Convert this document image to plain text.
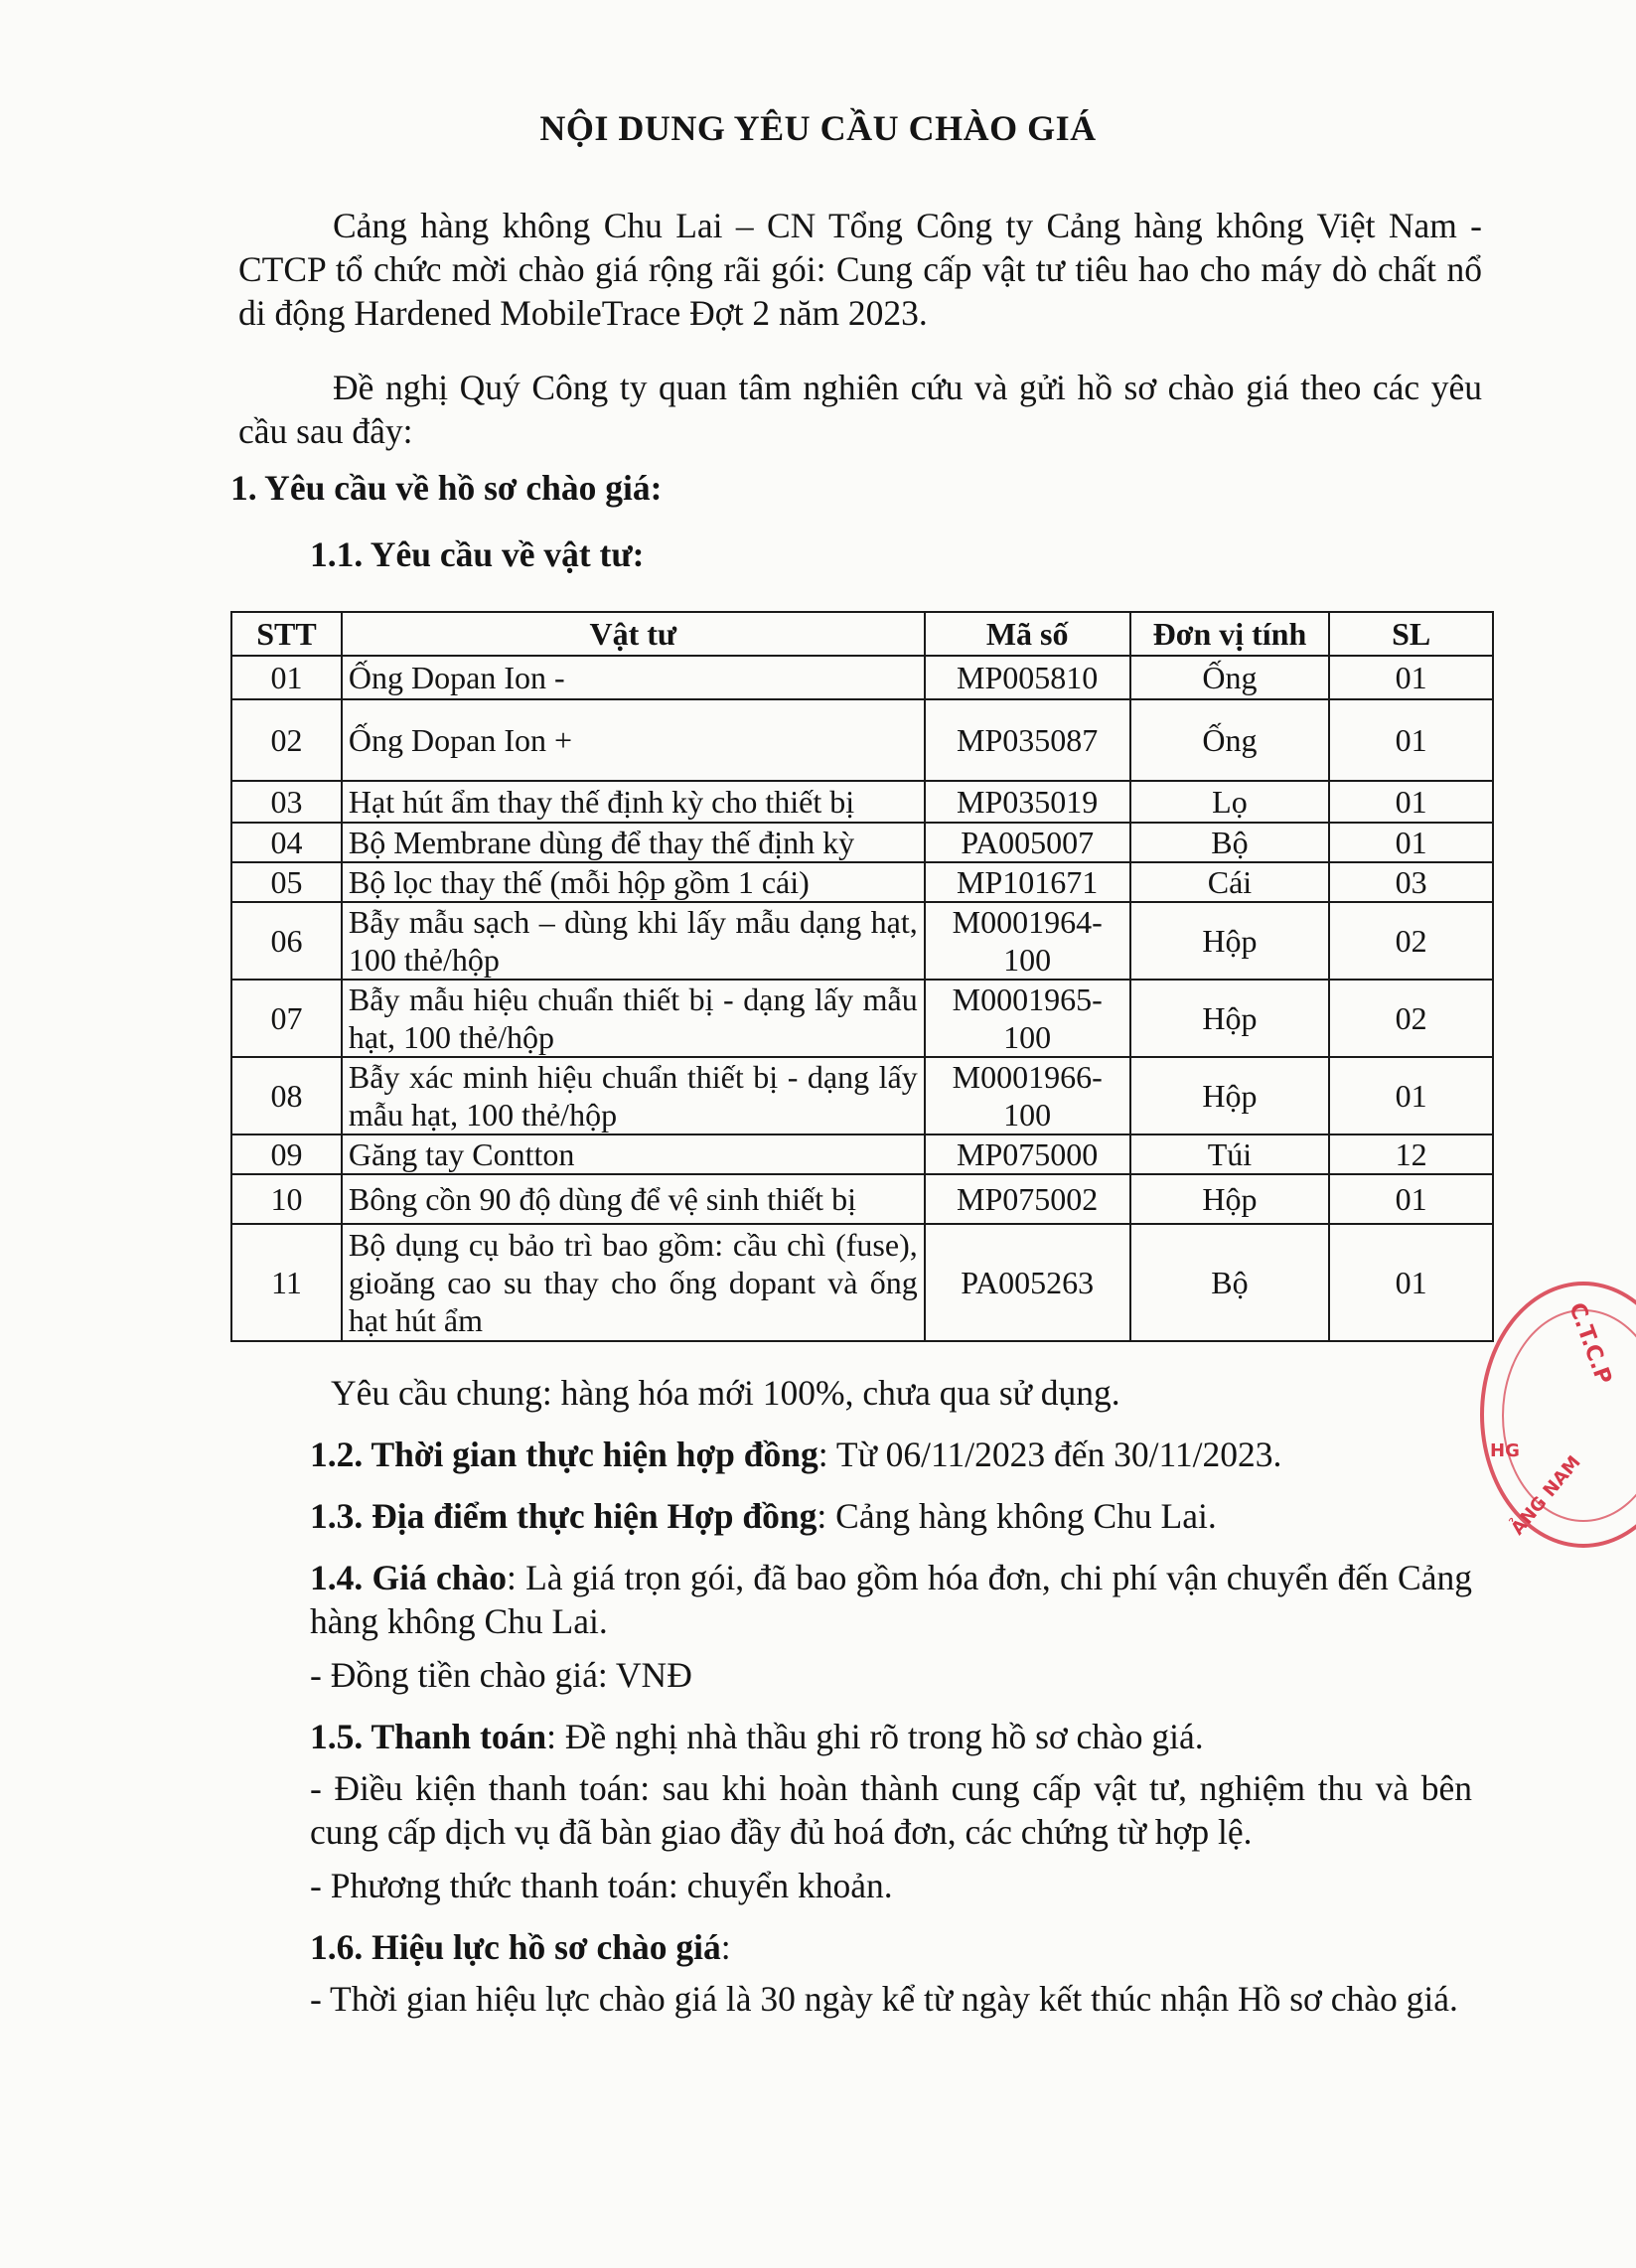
NỘI DUNG YÊU CẦU CHÀO GIÁ
Cảng hàng không Chu Lai – CN Tổng Công ty Cảng hàng không Việt Nam - CTCP tổ chức mời chào giá rộng rãi gói: Cung cấp vật tư tiêu hao cho máy dò chất nổ di động Hardened MobileTrace Đợt 2 năm 2023.
Đề nghị Quý Công ty quan tâm nghiên cứu và gửi hồ sơ chào giá theo các yêu cầu sau đây:
1. Yêu cầu về hồ sơ chào giá:
1.1. Yêu cầu về vật tư:
STT	Vật tư	Mã số	Đơn vị tính	SL
01	Ống Dopan Ion -	MP005810	Ống	01
02	Ống Dopan Ion +	MP035087	Ống	01
03	Hạt hút ẩm thay thế định kỳ cho thiết bị	MP035019	Lọ	01
04	Bộ Membrane dùng để thay thế định kỳ	PA005007	Bộ	01
05	Bộ lọc thay thế (mỗi hộp gồm 1 cái)	MP101671	Cái	03
06	Bẫy mẫu sạch – dùng khi lấy mẫu dạng hạt, 100 thẻ/hộp	M0001964-100	Hộp	02
07	Bẫy mẫu hiệu chuẩn thiết bị - dạng lấy mẫu hạt, 100 thẻ/hộp	M0001965-100	Hộp	02
08	Bẫy xác minh hiệu chuẩn thiết bị - dạng lấy mẫu hạt, 100 thẻ/hộp	M0001966-100	Hộp	01
09	Găng tay Contton	MP075000	Túi	12
10	Bông cồn 90 độ dùng để vệ sinh thiết bị	MP075002	Hộp	01
11	Bộ dụng cụ bảo trì bao gồm: cầu chì (fuse), gioăng cao su thay cho ống dopant và ống hạt hút ẩm	PA005263	Bộ	01
Yêu cầu chung: hàng hóa mới 100%, chưa qua sử dụng.
1.2. Thời gian thực hiện hợp đồng: Từ 06/11/2023 đến 30/11/2023.
1.3. Địa điểm thực hiện Hợp đồng: Cảng hàng không Chu Lai.
1.4. Giá chào: Là giá trọn gói, đã bao gồm hóa đơn, chi phí vận chuyển đến Cảng hàng không Chu Lai.
- Đồng tiền chào giá: VNĐ
1.5. Thanh toán: Đề nghị nhà thầu ghi rõ trong hồ sơ chào giá.
- Điều kiện thanh toán: sau khi hoàn thành cung cấp vật tư, nghiệm thu và bên cung cấp dịch vụ đã bàn giao đầy đủ hoá đơn, các chứng từ hợp lệ.
- Phương thức thanh toán: chuyển khoản.
1.6. Hiệu lực hồ sơ chào giá:
- Thời gian hiệu lực chào giá là 30 ngày kể từ ngày kết thúc nhận Hồ sơ chào giá.
C.T.C.P
HG
ẢNG NAM
